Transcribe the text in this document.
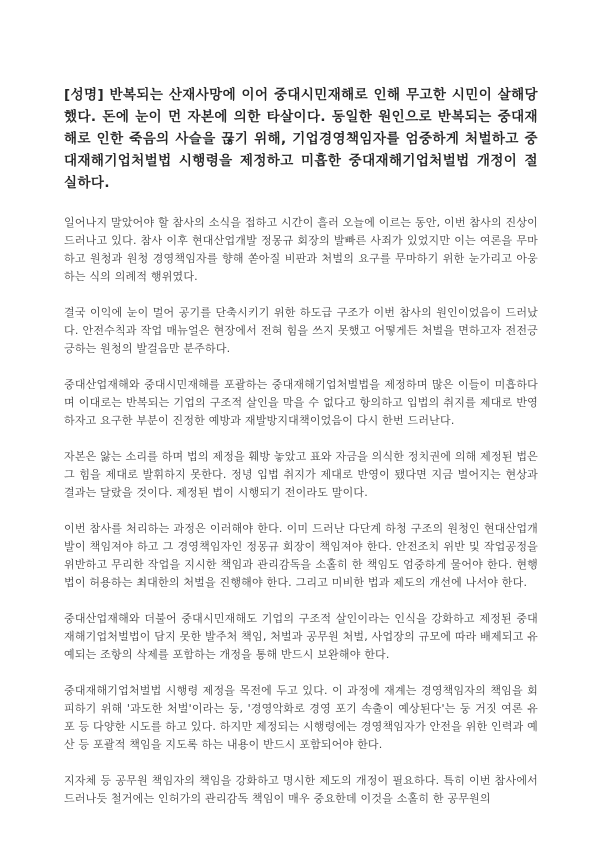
[성명] 반복되는 산재사망에 이어 중대시민재해로 인해 무고한 시민이 살해당했다. 돈에 눈이 먼 자본에 의한 타살이다. 동일한 원인으로 반복되는 중대재해로 인한 죽음의 사슬을 끊기 위해, 기업경영책임자를 엄중하게 처벌하고 중대재해기업처벌법 시행령을 제정하고 미흡한 중대재해기업처벌법 개정이 절실하다.

일어나지 말았어야 할 참사의 소식을 접하고 시간이 흘러 오늘에 이르는 동안, 이번 참사의 진상이 드러나고 있다. 참사 이후 현대산업개발 정몽규 회장의 발빠른 사죄가 있었지만 이는 여론을 무마하고 원청과 원청 경영책임자를 향해 쏟아질 비판과 처벌의 요구를 무마하기 위한 눈가리고 아웅하는 식의 의례적 행위였다.

결국 이익에 눈이 멀어 공기를 단축시키기 위한 하도급 구조가 이번 참사의 원인이었음이 드러났다. 안전수칙과 작업 매뉴얼은 현장에서 전혀 힘을 쓰지 못했고 어떻게든 처벌을 면하고자 전전긍긍하는 원청의 발걸음만 분주하다.

중대산업재해와 중대시민재해를 포괄하는 중대재해기업처벌법을 제정하며 많은 이들이 미흡하다며 이대로는 반복되는 기업의 구조적 살인을 막을 수 없다고 항의하고 입법의 취지를 제대로 반영하자고 요구한 부분이 진정한 예방과 재발방지대책이었음이 다시 한번 드러난다.

자본은 앓는 소리를 하며 법의 제정을 훼방 놓았고 표와 자금을 의식한 정치권에 의해 제정된 법은 그 힘을 제대로 발휘하지 못한다. 정녕 입법 취지가 제대로 반영이 됐다면 지금 벌어지는 현상과 결과는 달랐을 것이다. 제정된 법이 시행되기 전이라도 말이다.

이번 참사를 처리하는 과정은 이러해야 한다. 이미 드러난 다단계 하청 구조의 원청인 현대산업개발이 책임져야 하고 그 경영책임자인 정몽규 회장이 책임져야 한다. 안전조치 위반 및 작업공정을 위반하고 무리한 작업을 지시한 책임과 관리감독을 소홀히 한 책임도 엄중하게 물어야 한다. 현행법이 허용하는 최대한의 처벌을 진행해야 한다. 그리고 미비한 법과 제도의 개선에 나서야 한다.

중대산업재해와 더불어 중대시민재해도 기업의 구조적 살인이라는 인식을 강화하고 제정된 중대재해기업처벌법이 담지 못한 발주처 책임, 처벌과 공무원 처벌, 사업장의 규모에 따라 배제되고 유예되는 조항의 삭제를 포함하는 개정을 통해 반드시 보완해야 한다.

중대재해기업처벌법 시행령 제정을 목전에 두고 있다. 이 과정에 재계는 경영책임자의 책임을 회피하기 위해 '과도한 처벌'이라는 둥, '경영악화로 경영 포기 속출이 예상된다'는 둥 거짓 여론 유포 등 다양한 시도를 하고 있다. 하지만 제정되는 시행령에는 경영책임자가 안전을 위한 인력과 예산 등 포괄적 책임을 지도록 하는 내용이 반드시 포함되어야 한다.

지자체 등 공무원 책임자의 책임을 강화하고 명시한 제도의 개정이 필요하다. 특히 이번 참사에서 드러나듯 철거에는 인허가의 관리감독 책임이 매우 중요한데 이것을 소홀히 한 공무원의
